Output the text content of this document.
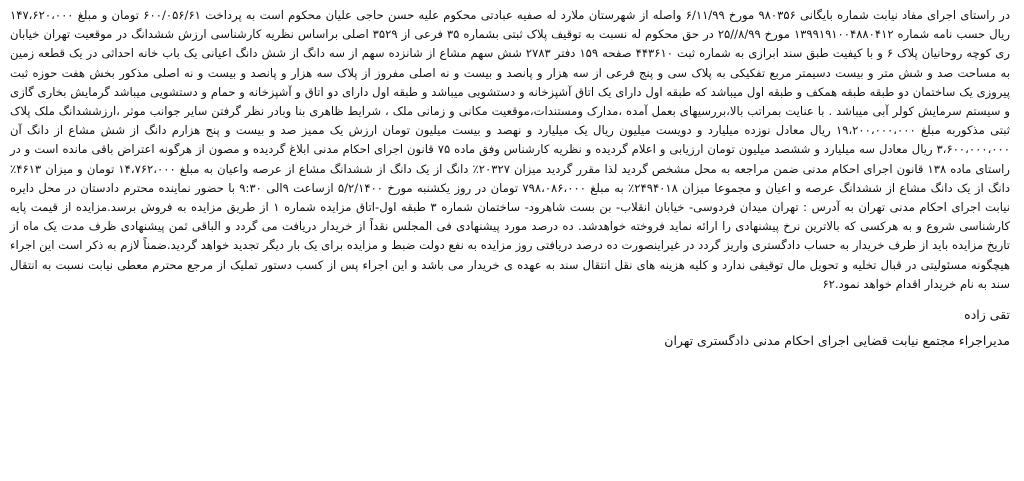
در راستای اجرای مفاد نیابت شماره بایگانی ۹۸۰۳۵۶ مورخ ۶/۱۱/۹۹ واصله از شهرستان ملارد له صفیه عبادتی محکوم علیه حسن حاجی علیان محکوم است به پرداخت ۶۰۰/۰۵۶/۶۱ تومان و مبلغ ۱۴۷،۶۲۰،۰۰۰ ریال حسب نامه شماره ۱۳۹۹۱۹۱۰۰۴۸۸۰۴۱۲ مورخ ۸/۹۹//۲۵ در حق محکوم له نسبت به توقیف پلاک ثبتی بشماره ۳۵ فرعی از ۳۵۲۹ اصلی براساس نظریه کارشناسی ارزش ششدانگ در موقعیت تهران خیابان ری کوچه روحانیان پلاک ۶ و با کیفیت طبق سند ابرازی به شماره ثبت ۴۴۳۶۱۰ صفحه ۱۵۹ دفتر ۲۷۸۳ شش سهم مشاع از شانزده سهم از سه دانگ از شش دانگ اعیانی یک باب خانه احداثی در یک قطعه زمین به مساحت صد و شش متر و بیست دسیمتر مربع تفکیکی به پلاک سی و پنج فرعی از سه هزار و پانصد و بیست و نه اصلی مفروز از پلاک سه هزار و پانصد و بیست و نه اصلی مذکور بخش هفت حوزه ثبت پیروزی یک ساختمان دو طبقه طبقه همکف و طبقه اول میباشد که طبقه اول دارای یک اتاق آشپزخانه و دستشویی میباشد و طبقه اول دارای دو اتاق و آشپزخانه و حمام و دستشویی میباشد گرمایش بخاری گازی و سیستم سرمایش کولر آبی میباشد . با عنایت بمراتب بالا،بررسیهای بعمل آمده ،مدارک ومستندات،موقعیت مکانی و زمانی ملک ، شرایط ظاهری بنا وبادر نظر گرفتن سایر جوانب موثر ،ارزششدانگ ملک پلاک ثبتی مذکوربه مبلغ ۱۹،۲۰۰،۰۰۰،۰۰۰ ریال معادل نوزده میلیارد و دویست میلیون ریال یک میلیارد و نهصد و بیست میلیون تومان ارزش یک ممیز صد و بیست و پنج هزارم دانگ از شش مشاع از دانگ آن ۳،۶۰۰،۰۰۰،۰۰۰ ریال معادل سه میلیارد و ششصد میلیون تومان ارزیابی و اعلام گردیده و نظریه کارشناس وفق ماده ۷۵ قانون اجرای احکام مدنی ابلاغ گردیده و مصون از هرگونه اعتراض باقی مانده است و در راستای ماده ۱۳۸ قانون اجرای احکام مدنی ضمن مراجعه به محل مشخص گردید لذا مقرر گردید میزان ۲۰۳۲۷٪ دانگ از یک دانگ از ششدانگ مشاع از عرصه واعیان به مبلغ ۱۴،۷۶۲،۰۰۰ تومان و میزان ۴۶۱۳٪ دانگ از یک دانگ مشاع از ششدانگ عرصه و اعیان و مجموعا میزان ۲۴۹۴۰۱۸٪ به مبلغ ۷۹۸،۰۸۶،۰۰۰ تومان در روز یکشنبه مورخ ۵/۲/۱۴۰۰ ازساعت ۹الی ۹:۳۰ با حضور نماینده محترم دادستان در محل دایره نیابت اجرای احکام مدنی تهران به آدرس : تهران میدان فردوسی- خیابان انقلاب- بن بست شاهرود- ساختمان شماره ۳ طبقه اول-اتاق مزایده شماره ۱ از طریق مزایده به فروش برسد.مزایده از قیمت پایه کارشناسی شروع و به هرکسی که بالاترین نرخ پیشنهادی را ارائه نماید فروخته خواهدشد. ده درصد مورد پیشنهادی فی المجلس نقداً از خریدار دریافت می گردد و الباقی ثمن پیشنهادی ظرف مدت یک ماه از تاریخ مزایده باید از طرف خریدار به حساب دادگستری واریز گردد در غیراینصورت ده درصد دریافتی روز مزایده به نفع دولت ضبط و مزایده برای یک بار دیگر تجدید خواهد گردید.ضمناً لازم به ذکر است این اجراء هیچگونه مسئولیتی در قبال تخلیه و تحویل مال توقیفی ندارد و کلیه هزینه های نقل انتقال سند به عهده ی خریدار می باشد و این اجراء پس از کسب دستور تملیک از مرجع محترم معطی نیابت نسبت به انتقال سند به نام خریدار اقدام خواهد نمود.۶۲

تقی زاده

مدیراجراء مجتمع نیابت قضایی اجرای احکام مدنی دادگستری تهران
